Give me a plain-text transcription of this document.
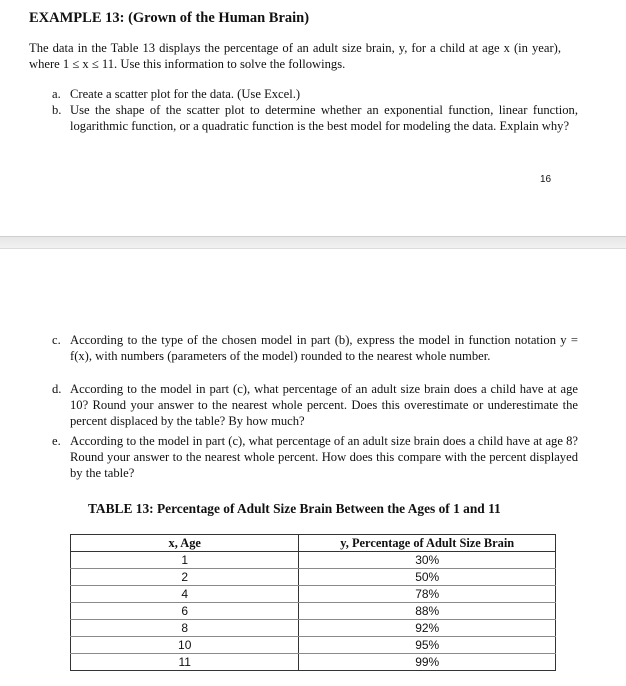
EXAMPLE 13: (Grown of the Human Brain)
The data in the Table 13 displays the percentage of an adult size brain, y, for a child at age x (in year), where 1 ≤ x ≤ 11. Use this information to solve the followings.
a. Create a scatter plot for the data. (Use Excel.)
b. Use the shape of the scatter plot to determine whether an exponential function, linear function, logarithmic function, or a quadratic function is the best model for modeling the data. Explain why?
16
c. According to the type of the chosen model in part (b), express the model in function notation y = f(x), with numbers (parameters of the model) rounded to the nearest whole number.
d. According to the model in part (c), what percentage of an adult size brain does a child have at age 10? Round your answer to the nearest whole percent. Does this overestimate or underestimate the percent displaced by the table? By how much?
e. According to the model in part (c), what percentage of an adult size brain does a child have at age 8? Round your answer to the nearest whole percent. How does this compare with the percent displayed by the table?
TABLE 13: Percentage of Adult Size Brain Between the Ages of 1 and 11
x, Age	y, Percentage of Adult Size Brain
1	30%
2	50%
4	78%
6	88%
8	92%
10	95%
11	99%
